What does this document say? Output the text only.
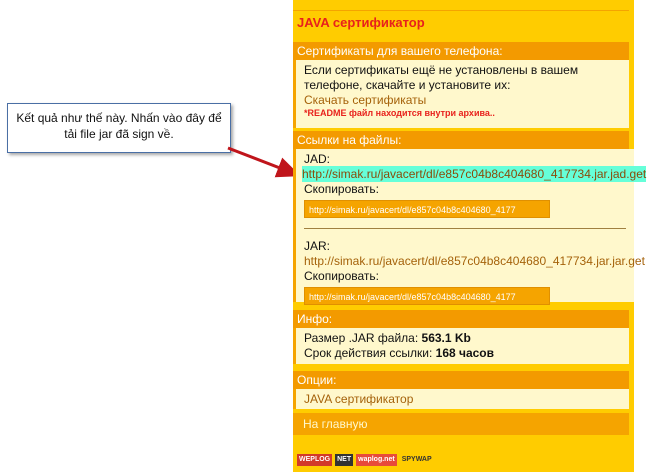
Kết quả như thế này. Nhấn vào đây để tải file jar đã sign về.
JAVA сертификатор
Сертификаты для вашего телефона:
Если сертификаты ещё не установлены в вашем телефоне, скачайте и установите их:
Скачать сертификаты
*README файл находится внутри архива..
Ссылки на файлы:
JAD:
http://simak.ru/javacert/dl/e857c04b8c404680_417734.jar.jad.get
Скопировать:
http://simak.ru/javacert/dl/e857c04b8c404680_4177
JAR:
http://simak.ru/javacert/dl/e857c04b8c404680_417734.jar.jar.get
Скопировать:
http://simak.ru/javacert/dl/e857c04b8c404680_4177
Инфо:
Размер .JAR файла: 563.1 Kb
Срок действия ссылки: 168 часов
Опции:
JAVA сертификатор
На главную
WEPLOG NET waplog.net SPYWAP
